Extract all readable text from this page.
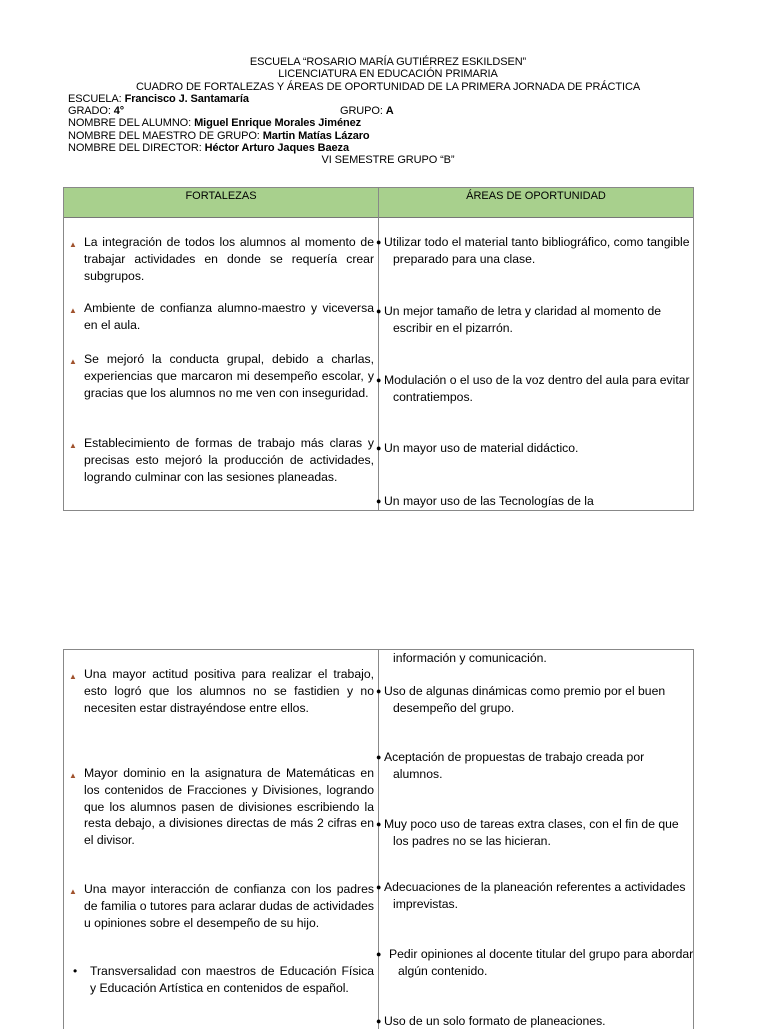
ESCUELA “ROSARIO MARÍA GUTIÉRREZ ESKILDSEN”
LICENCIATURA EN EDUCACIÓN PRIMARIA
CUADRO DE FORTALEZAS Y ÁREAS DE OPORTUNIDAD DE LA PRIMERA JORNADA DE PRÁCTICA
ESCUELA: Francisco J. Santamaría
GRADO: 4°	GRUPO: A
NOMBRE DEL ALUMNO: Miguel Enrique Morales Jiménez
NOMBRE DEL MAESTRO DE GRUPO: Martin Matías Lázaro
NOMBRE DEL DIRECTOR: Héctor Arturo Jaques Baeza
VI SEMESTRE GRUPO “B”
FORTALEZAS	ÁREAS DE OPORTUNIDAD
▲ La integración de todos los alumnos al momento de trabajar actividades en donde se requería crear subgrupos.
▲ Ambiente de confianza alumno-maestro y viceversa en el aula.
▲ Se mejoró la conducta grupal, debido a charlas, experiencias que marcaron mi desempeño escolar, y gracias que los alumnos no me ven con inseguridad.
▲ Establecimiento de formas de trabajo más claras y precisas esto mejoró la producción de actividades, logrando culminar con las sesiones planeadas.
● Utilizar todo el material tanto bibliográfico, como tangible preparado para una clase.
● Un mejor tamaño de letra y claridad al momento de escribir en el pizarrón.
● Modulación o el uso de la voz dentro del aula para evitar contratiempos.
● Un mayor uso de material didáctico.
● Un mayor uso de las Tecnologías de la
información y comunicación.
▲ Una mayor actitud positiva para realizar el trabajo, esto logró que los alumnos no se fastidien y no necesiten estar distrayéndose entre ellos.
▲ Mayor dominio en la asignatura de Matemáticas en los contenidos de Fracciones y Divisiones, logrando que los alumnos pasen de divisiones escribiendo la resta debajo, a divisiones directas de más 2 cifras en el divisor.
▲ Una mayor interacción de confianza con los padres de familia o tutores para aclarar dudas de actividades u opiniones sobre el desempeño de su hijo.
• Transversalidad con maestros de Educación Física y Educación Artística en contenidos de español.
● Uso de algunas dinámicas como premio por el buen desempeño del grupo.
● Aceptación de propuestas de trabajo creada por alumnos.
● Muy poco uso de tareas extra clases, con el fin de que los padres no se las hicieran.
● Adecuaciones de la planeación referentes a actividades imprevistas.
● Pedir opiniones al docente titular del grupo para abordar algún contenido.
● Uso de un solo formato de planeaciones.
